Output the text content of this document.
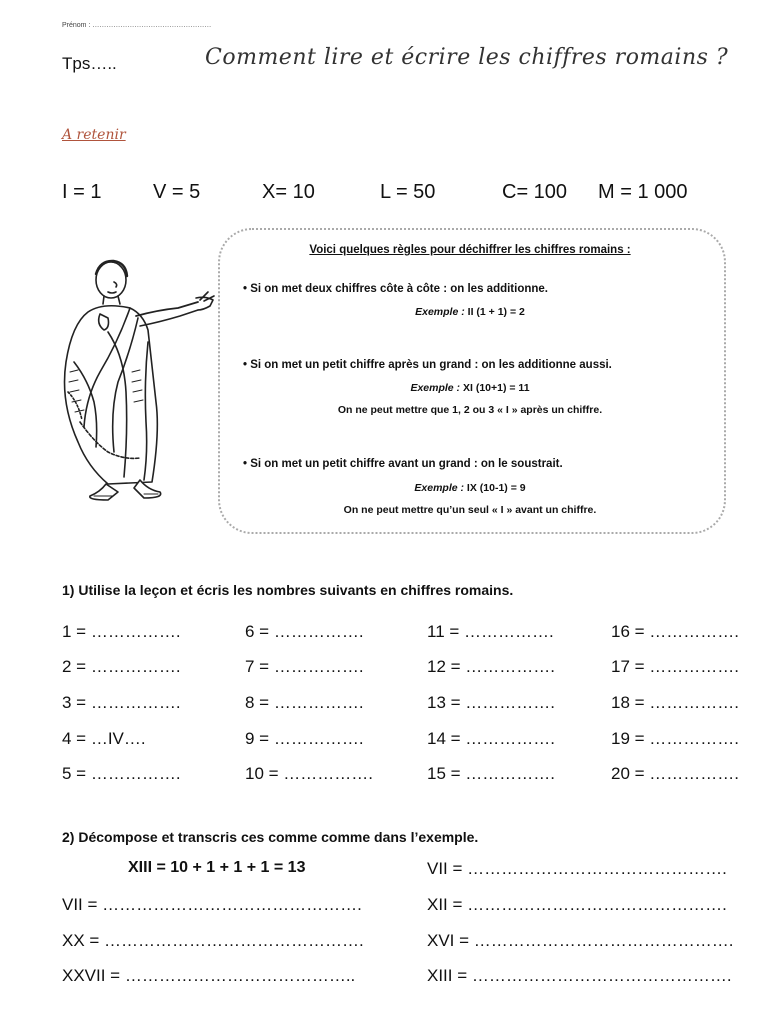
Prénom : ……………………………………………
Tps…..	Comment lire et écrire les chiffres romains ?
A retenir
I = 1	V = 5	X= 10	L = 50	C= 100 M = 1 000
Voici quelques règles pour déchiffrer les chiffres romains :
• Si on met deux chiffres côte à côte : on les additionne.
Exemple : II (1 + 1) = 2
• Si on met un petit chiffre après un grand : on les additionne aussi.
Exemple : XI (10+1) = 11
On ne peut mettre que 1, 2 ou 3 « I » après un chiffre.
• Si on met un petit chiffre avant un grand : on le soustrait.
Exemple : IX (10-1) = 9
On ne peut mettre qu’un seul « I » avant un chiffre.
1) Utilise la leçon et écris les nombres suivants en chiffres romains.
1 = …………….
2 = …………….
3 = …………….
4 = …IV….
5 = …………….
6 = …………….
7 = …………….
8 = …………….
9 = …………….
10 = …………….
11 = …………….
12 = …………….
13 = …………….
14 = …………….
15 = …………….
16 = …………….
17 = …………….
18 = …………….
19 = …………….
20 = …………….
2) Décompose et transcris ces comme comme dans l’exemple.
XIII = 10 + 1 + 1 + 1 = 13
VII = ……………………………………….
XX = ……………………………………….
XXVII = …………………………………..
VII = ……………………………………….
XII = ……………………………………….
XVI = ……………………………………….
XIII = ……………………………………….
